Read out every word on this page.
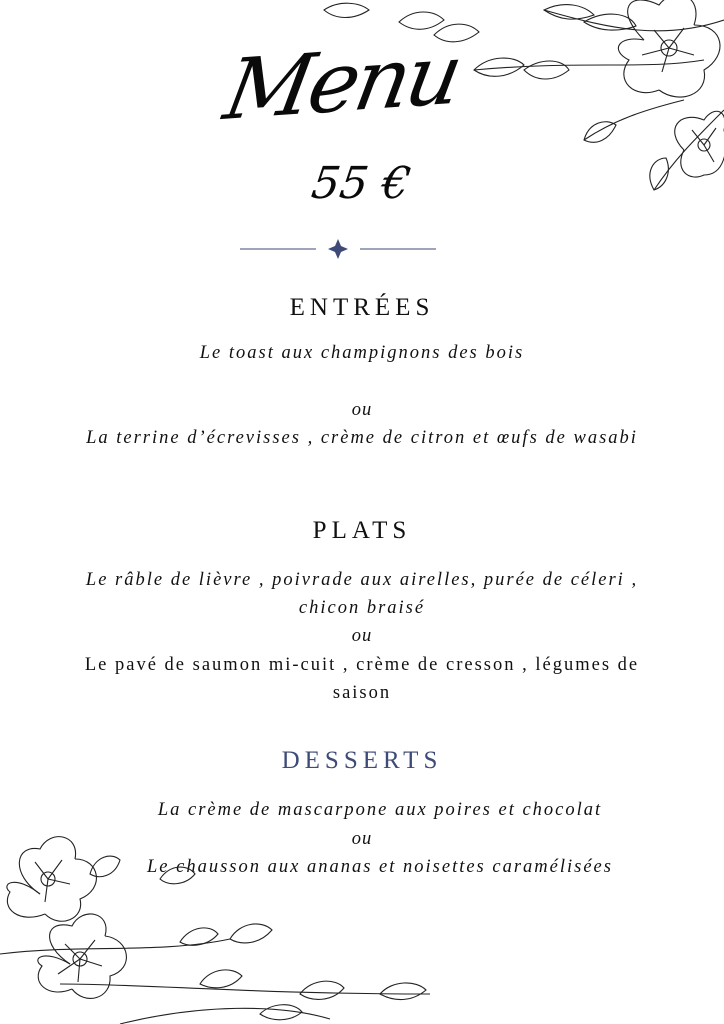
Menu
55 €
ENTRÉES
Le toast aux champignons des bois
ou
La terrine d’écrevisses , crème de citron et œufs de wasabi
PLATS
Le râble de lièvre , poivrade aux airelles, purée de céleri , chicon braisé
ou
Le pavé de saumon mi-cuit , crème de cresson , légumes de saison
DESSERTS
La crème de mascarpone aux poires et chocolat
ou
Le chausson aux ananas et noisettes caramélisées
